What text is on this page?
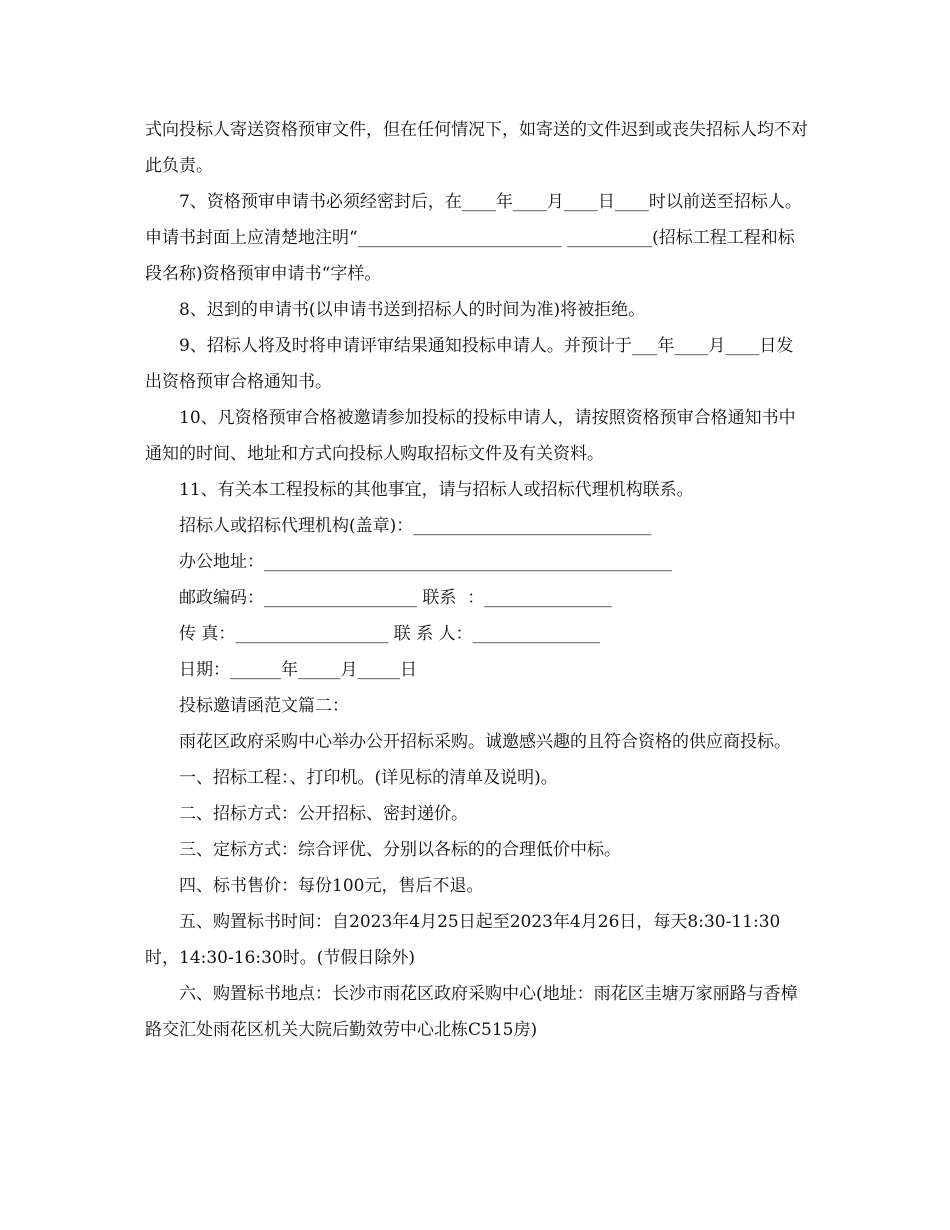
式向投标人寄送资格预审文件，但在任何情况下，如寄送的文件迟到或丧失招标人均不对此负责。

7、资格预审申请书必须经密封后，在____年____月____日____时以前送至招标人。申请书封面上应清楚地注明“________________________ __________(招标工程工程和标段名称)资格预审申请书“字样。

8、迟到的申请书(以申请书送到招标人的时间为准)将被拒绝。

9、招标人将及时将申请评审结果通知投标申请人。并预计于___年____月____日发出资格预审合格通知书。

10、凡资格预审合格被邀请参加投标的投标申请人，请按照资格预审合格通知书中通知的时间、地址和方式向投标人购取招标文件及有关资料。

11、有关本工程投标的其他事宜，请与招标人或招标代理机构联系。

招标人或招标代理机构(盖章)：____________________________

办公地址：________________________________________________

邮政编码：__________________ 联系  ：_______________

传 真：__________________ 联 系 人：_______________

日期：______年_____月_____日

投标邀请函范文篇二：

雨花区政府采购中心举办公开招标采购。诚邀感兴趣的且符合资格的供应商投标。

一、招标工程：、打印机。(详见标的清单及说明)。

二、招标方式：公开招标、密封递价。

三、定标方式：综合评优、分别以各标的的合理低价中标。

四、标书售价：每份100元，售后不退。

五、购置标书时间：自2023年4月25日起至2023年4月26日，每天8:30-11:30时，14:30-16:30时。(节假日除外)

六、购置标书地点：长沙市雨花区政府采购中心(地址：雨花区圭塘万家丽路与香樟路交汇处雨花区机关大院后勤效劳中心北栋C515房)
